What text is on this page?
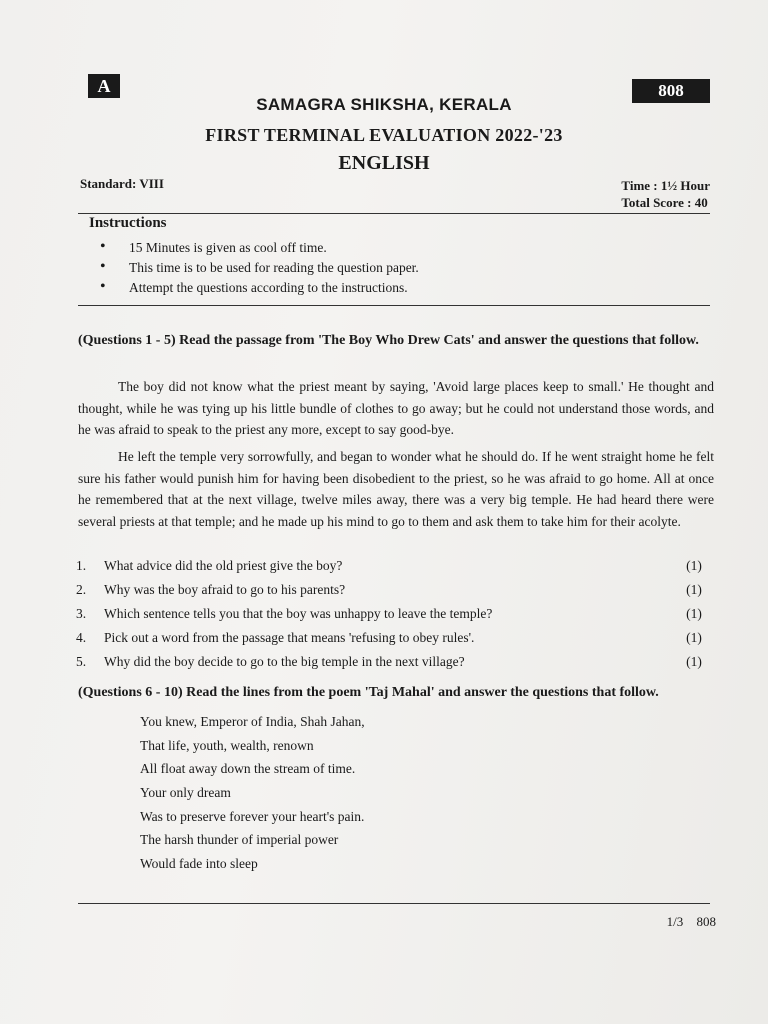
A	808
SAMAGRA SHIKSHA, KERALA
FIRST TERMINAL EVALUATION 2022-'23
ENGLISH
Standard: VIII	Time : 1½ Hour
Total Score : 40
Instructions
• 15 Minutes is given as cool off time.
• This time is to be used for reading the question paper.
• Attempt the questions according to the instructions.
(Questions 1 - 5) Read the passage from 'The Boy Who Drew Cats' and answer the questions that follow.
The boy did not know what the priest meant by saying, 'Avoid large places keep to small.' He thought and thought, while he was tying up his little bundle of clothes to go away; but he could not understand those words, and he was afraid to speak to the priest any more, except to say good-bye.
He left the temple very sorrowfully, and began to wonder what he should do. If he went straight home he felt sure his father would punish him for having been disobedient to the priest, so he was afraid to go home. All at once he remembered that at the next village, twelve miles away, there was a very big temple. He had heard there were several priests at that temple; and he made up his mind to go to them and ask them to take him for their acolyte.
1.	What advice did the old priest give the boy?	(1)
2.	Why was the boy afraid to go to his parents?	(1)
3.	Which sentence tells you that the boy was unhappy to leave the temple?	(1)
4.	Pick out a word from the passage that means 'refusing to obey rules'.	(1)
5.	Why did the boy decide to go to the big temple in the next village?	(1)
(Questions 6 - 10) Read the lines from the poem 'Taj Mahal' and answer the questions that follow.
You knew, Emperor of India, Shah Jahan,
That life, youth, wealth, renown
All float away down the stream of time.
Your only dream
Was to preserve forever your heart's pain.
The harsh thunder of imperial power
Would fade into sleep
1/3 808
